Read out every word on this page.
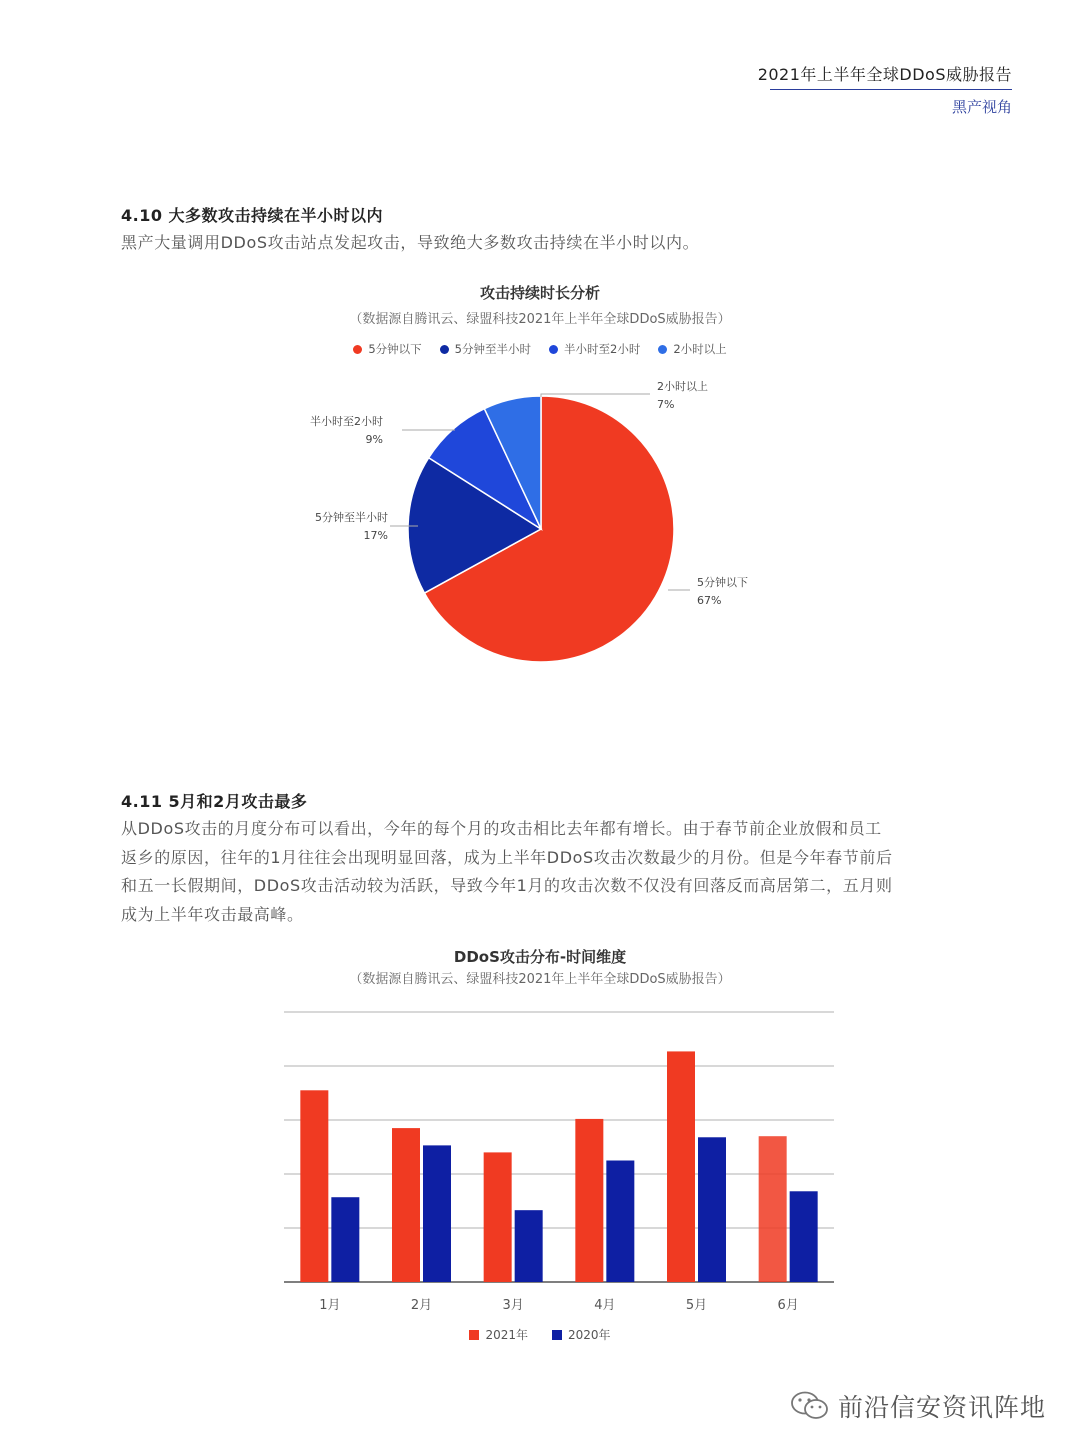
2021年上半年全球DDoS威胁报告
黑产视角
4.10 大多数攻击持续在半小时以内
黑产大量调用DDoS攻击站点发起攻击，导致绝大多数攻击持续在半小时以内。
攻击持续时长分析
（数据源自腾讯云、绿盟科技2021年上半年全球DDoS威胁报告）
5分钟以下	5分钟至半小时	半小时至2小时	2小时以上
5分钟以下
67%
5分钟至半小时
17%
半小时至2小时
9%
2小时以上
7%
4.11 5月和2月攻击最多
从DDoS攻击的月度分布可以看出，今年的每个月的攻击相比去年都有增长。由于春节前企业放假和员工
返乡的原因，往年的1月往往会出现明显回落，成为上半年DDoS攻击次数最少的月份。但是今年春节前后
和五一长假期间，DDoS攻击活动较为活跃，导致今年1月的攻击次数不仅没有回落反而高居第二，五月则
成为上半年攻击最高峰。
DDoS攻击分布-时间维度
（数据源自腾讯云、绿盟科技2021年上半年全球DDoS威胁报告）
1月	2月	3月	4月	5月	6月
2021年	2020年
前沿信安资讯阵地
